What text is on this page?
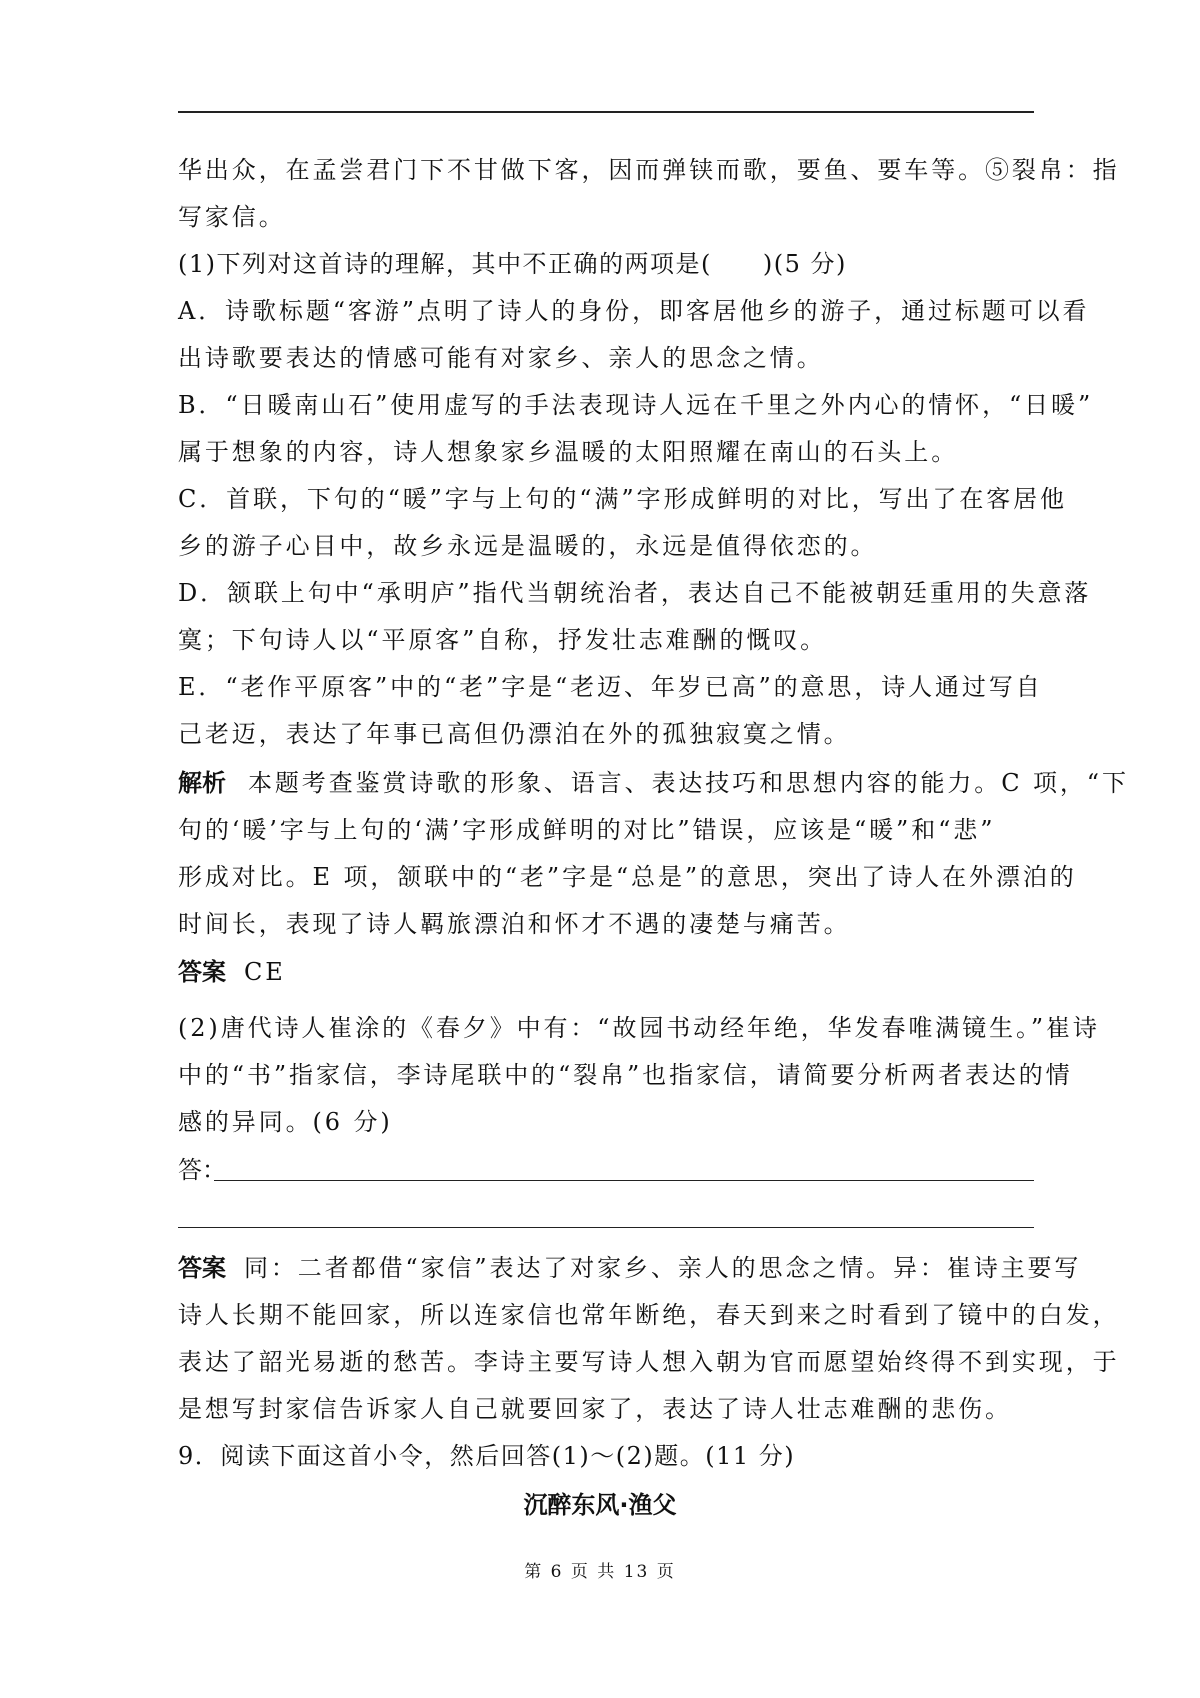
华出众，在孟尝君门下不甘做下客，因而弹铗而歌，要鱼、要车等。⑤裂帛：指
写家信。
(1)下列对这首诗的理解，其中不正确的两项是(　　)(5 分)
A．诗歌标题“客游”点明了诗人的身份，即客居他乡的游子，通过标题可以看
出诗歌要表达的情感可能有对家乡、亲人的思念之情。
B．“日暖南山石”使用虚写的手法表现诗人远在千里之外内心的情怀，“日暖”
属于想象的内容，诗人想象家乡温暖的太阳照耀在南山的石头上。
C．首联，下句的“暖”字与上句的“满”字形成鲜明的对比，写出了在客居他
乡的游子心目中，故乡永远是温暖的，永远是值得依恋的。
D．颔联上句中“承明庐”指代当朝统治者，表达自己不能被朝廷重用的失意落
寞；下句诗人以“平原客”自称，抒发壮志难酬的慨叹。
E．“老作平原客”中的“老”字是“老迈、年岁已高”的意思，诗人通过写自
己老迈，表达了年事已高但仍漂泊在外的孤独寂寞之情。
解析 本题考查鉴赏诗歌的形象、语言、表达技巧和思想内容的能力。C 项，“下
句的‘暖’字与上句的‘满’字形成鲜明的对比”错误，应该是“暖”和“悲”
形成对比。E 项，颔联中的“老”字是“总是”的意思，突出了诗人在外漂泊的
时间长，表现了诗人羁旅漂泊和怀才不遇的凄楚与痛苦。
答案 CE
(2)唐代诗人崔涂的《春夕》中有：“故园书动经年绝，华发春唯满镜生。”崔诗
中的“书”指家信，李诗尾联中的“裂帛”也指家信，请简要分析两者表达的情
感的异同。(6 分)
答：
答案 同：二者都借“家信”表达了对家乡、亲人的思念之情。异：崔诗主要写
诗人长期不能回家，所以连家信也常年断绝，春天到来之时看到了镜中的白发，
表达了韶光易逝的愁苦。李诗主要写诗人想入朝为官而愿望始终得不到实现，于
是想写封家信告诉家人自己就要回家了，表达了诗人壮志难酬的悲伤。
9．阅读下面这首小令，然后回答(1)～(2)题。(11 分)
沉醉东风·渔父
第 6 页 共 13 页
